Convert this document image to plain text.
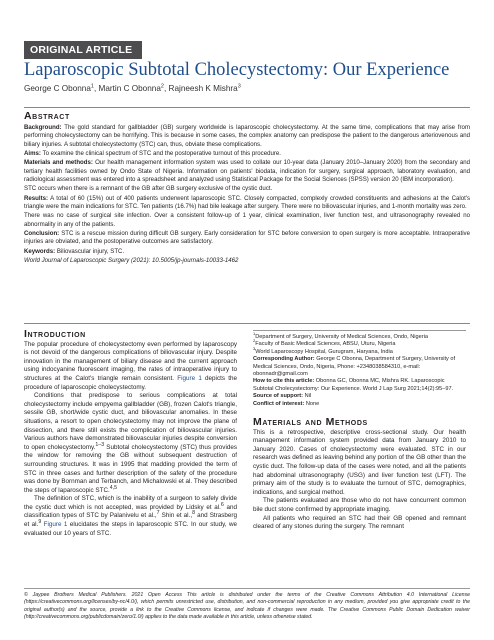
ORIGINAL ARTICLE
Laparoscopic Subtotal Cholecystectomy: Our Experience
George C Obonna$^1$, Martin C Obonna$^2$, Rajneesh K Mishra$^3$
Abstract

Background: The gold standard for gallbladder (GB) surgery worldwide is laparoscopic cholecystectomy. At the same time, complications that may arise from performing cholecystectomy can be horrifying. This is because in some cases, the complex anatomy can predispose the patient to the dangerous arteriovenous and biliary injuries. A subtotal cholecystectomy (STC) can, thus, obviate these complications.

Aims: To examine the clinical spectrum of STC and the postoperative turnout of this procedure.

Materials and methods: Our health management information system was used to collate our 10-year data (January 2010–January 2020) from the secondary and tertiary health facilities owned by Ondo State of Nigeria. Information on patients' biodata, indication for surgery, surgical approach, laboratory evaluation, and radiological assessment was entered into a spreadsheet and analyzed using Statistical Package for the Social Sciences (SPSS) version 20 (IBM incorporation).

STC occurs when there is a remnant of the GB after GB surgery exclusive of the cystic duct.

Results: A total of 60 (15%) out of 400 patients underwent laparoscopic STC. Closely compacted, complexly crowded constituents and adhesions at the Calot's triangle were the main indications for STC. Ten patients (16.7%) had bile leakage after surgery. There were no biliovascular injuries, and 1-month mortality was zero.

There was no case of surgical site infection. Over a consistent follow-up of 1 year, clinical examination, liver function test, and ultrasonography revealed no abnormality in any of the patients.

Conclusion: STC is a rescue mission during difficult GB surgery. Early consideration for STC before conversion to open surgery is more acceptable. Intraoperative injuries are obviated, and the postoperative outcomes are satisfactory.

Keywords: Biliovascular injury, STC.

World Journal of Laparoscopic Surgery (2021): 10.5005/jp-journals-10033-1462

Introduction

The popular procedure of cholecystectomy even performed by laparoscopy is not devoid of the dangerous complications of biliovascular injury. Despite innovation in the management of biliary disease and the current approach using indocyanine fluorescent imaging, the rates of intraoperative injury to structures at the Calot's triangle remain consistent. Figure 1 depicts the procedure of laparoscopic cholecystectomy.

Conditions that predispose to serious complications at total cholecystectomy include empyema gallbladder (GB), frozen Calot's triangle, sessile GB, short/wide cystic duct, and biliovascular anomalies. In these situations, a resort to open cholecystectomy may not improve the plane of dissection, and there still exists the complication of biliovascular injuries. Various authors have demonstrated biliovascular injuries despite conversion to open cholecystectomy.$^{1-3}$ Subtotal cholecystectomy (STC) thus provides the window for removing the GB without subsequent destruction of surrounding structures. It was in 1995 that madding provided the term of STC in three cases and further description of the safety of the procedure was done by Bornman and Terbanch, and Michalowski et al. They described the steps of laparoscopic STC.$^{4,5}$

The definition of STC, which is the inability of a surgeon to safely divide the cystic duct which is not accepted, was provided by Lidsky et al.$^6$ and classification types of STC by Palanivelu et al.,$^7$ Shin et al.,$^8$ and Strasberg et al.$^9$ Figure 1 elucidates the steps in laparoscopic STC. In our study, we evaluated our 10 years of STC.

$^1$Department of Surgery, University of Medical Sciences, Ondo, Nigeria
$^2$Faculty of Basic Medical Sciences, ABSU, Uturu, Nigeria
$^3$World Laparoscopy Hospital, Gurugram, Haryana, India
Corresponding Author: George C Obonna, Department of Surgery, University of Medical Sciences, Ondo, Nigeria, Phone: +2348038584310, e-mail: obonnadr@gmail.com
How to cite this article: Obonna GC, Obonna MC, Mishra RK. Laparoscopic Subtotal Cholecystectomy: Our Experience. World J Lap Surg 2021;14(2):95–97.
Source of support: Nil
Conflict of interest: None
Materials and Methods

This is a retrospective, descriptive cross-sectional study. Our health management information system provided data from January 2010 to January 2020. Cases of cholecystectomy were evaluated. STC in our research was defined as leaving behind any portion of the GB other than the cystic duct. The follow-up data of the cases were noted, and all the patients had abdominal ultrasonography (USG) and liver function test (LFT). The primary aim of the study is to evaluate the turnout of STC, demographics, indications, and surgical method.

The patients evaluated are those who do not have concurrent common bile duct stone confirmed by appropriate imaging.

All patients who required an STC had their GB opened and remnant cleared of any stones during the surgery. The remnant

© Jaypee Brothers Medical Publishers. 2021 Open Access This article is distributed under the terms of the Creative Commons Attribution 4.0 International License (https://creativecommons.org/licenses/by-nc/4.0/), which permits unrestricted use, distribution, and non-commercial reproduction in any medium, provided you give appropriate credit to the original author(s) and the source, provide a link to the Creative Commons license, and indicate if changes were made. The Creative Commons Public Domain Dedication waiver (http://creativecommons.org/publicdomain/zero/1.0/) applies to the data made available in this article, unless otherwise stated.
